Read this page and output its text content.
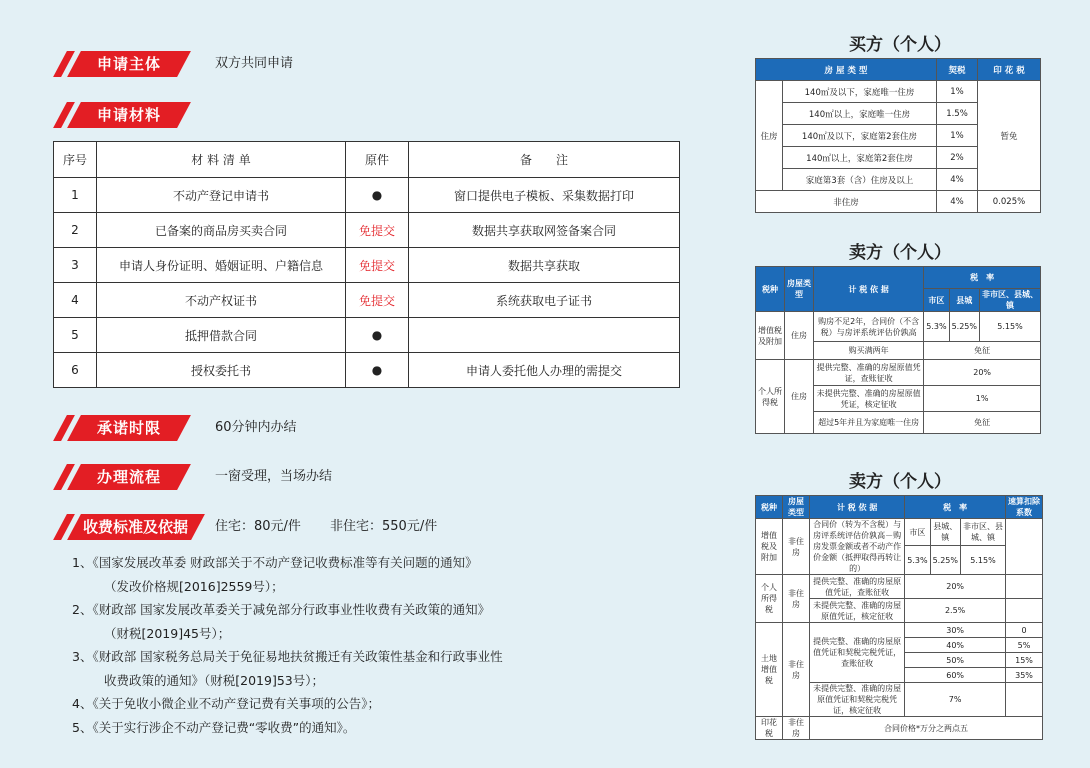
申请主体	双方共同申请
申请材料
序号	材 料 清 单	原件	备　　注
1	不动产登记申请书	●	窗口提供电子模板、采集数据打印
2	已备案的商品房买卖合同	免提交	数据共享获取网签备案合同
3	申请人身份证明、婚姻证明、户籍信息	免提交	数据共享获取
4	不动产权证书	免提交	系统获取电子证书
5	抵押借款合同	●	
6	授权委托书	●	申请人委托他人办理的需提交
承诺时限	60分钟内办结
办理流程	一窗受理，当场办结
收费标准及依据	住宅：80元/件 非住宅：550元/件
1、《国家发展改革委 财政部关于不动产登记收费标准等有关问题的通知》
（发改价格规[2016]2559号）；
2、《财政部 国家发展改革委关于减免部分行政事业性收费有关政策的通知》
（财税[2019]45号）；
3、《财政部 国家税务总局关于免征易地扶贫搬迁有关政策性基金和行政事业性
收费政策的通知》（财税[2019]53号）；
4、《关于免收小微企业不动产登记费有关事项的公告》；
5、《关于实行涉企不动产登记费“零收费”的通知》。
买方（个人）
房 屋 类 型		契税	印 花 税
住房	140㎡及以下，家庭唯一住房	1%	暂免
	140㎡以上，家庭唯一住房	1.5%	
	140㎡及以下，家庭第2套住房	1%	
	140㎡以上，家庭第2套住房	2%	
	家庭第3套（含）住房及以上	4%	
非住房		4%	0.025%
卖方（个人）
税种	房屋类型	计 税 依 据	税　率		
			市区	县城	非市区、县城、镇
增值税及附加	住房	购房不足2年，合同价（不含税）与房评系统评估价孰高	5.3%	5.25%	5.15%
		购买满两年	免征		
个人所得税	住房	提供完整、准确的房屋原值凭证，查账征收	20%		
		未提供完整、准确的房屋原值凭证，核定征收	1%		
		超过5年并且为家庭唯一住房	免征		
卖方（个人）
税种	房屋类型	计 税 依 据	税　率			速算扣除系数

增值税及附加	非住房	合同价（转为不含税）与房评系统评估价孰高－购房发票金额或者不动产作价金额（抵押取得再转让的）	市区	县城、镇	非市区、县城、镇	
			5.3%	5.25%	5.15%	
个人所得税	非住房	提供完整、准确的房屋原值凭证，查账征收	20%			
		未提供完整、准确的房屋原值凭证，核定征收	2.5%			
土地增值税	非住房	提供完整、准确的房屋原值凭证和契税完税凭证，查账征收	30%			0
			40%			5%
			50%			15%
			60%			35%
		未提供完整、准确的房屋原值凭证和契税完税凭证，核定征收	7%			
印花税	非住房	合同价格*万分之两点五				
